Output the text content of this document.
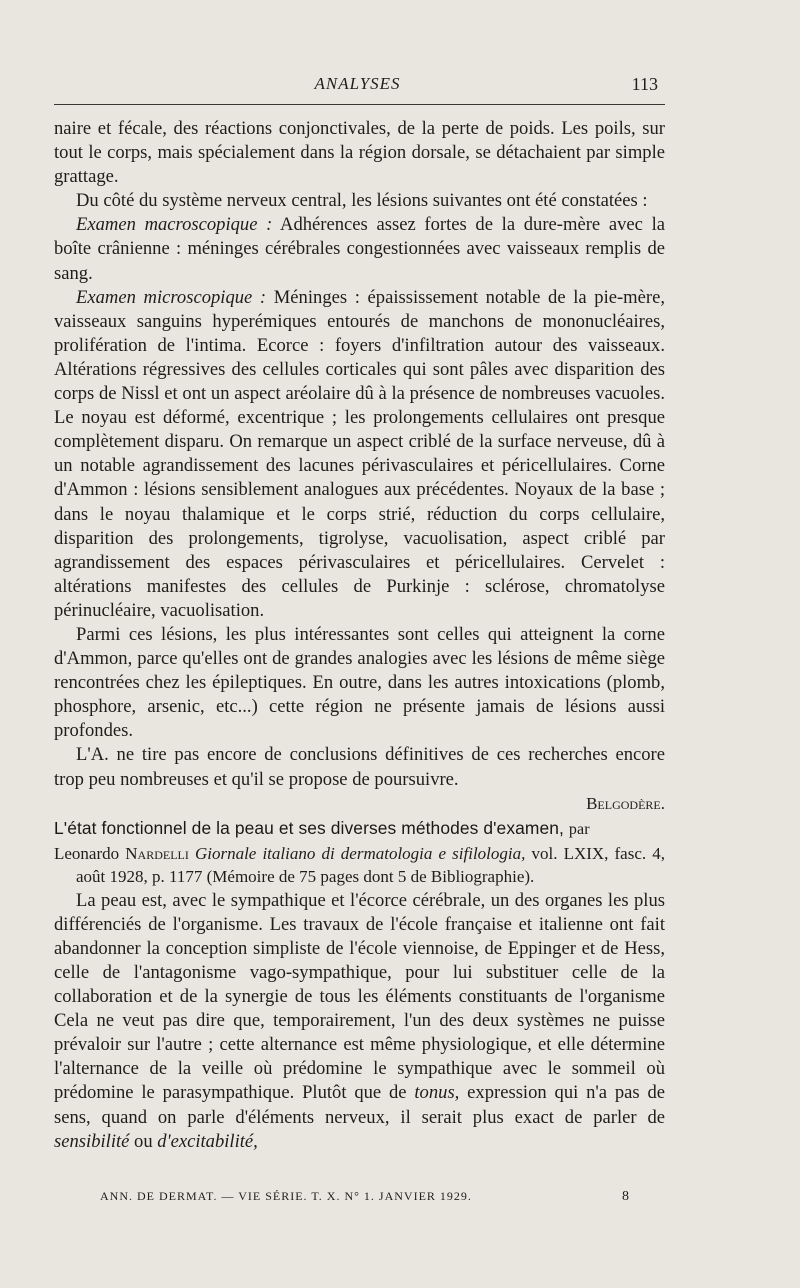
ANALYSES	113

naire et fécale, des réactions conjonctivales, de la perte de poids. Les poils, sur tout le corps, mais spécialement dans la région dorsale, se détachaient par simple grattage.

Du côté du système nerveux central, les lésions suivantes ont été constatées :

Examen macroscopique : Adhérences assez fortes de la dure-mère avec la boîte crânienne : méninges cérébrales congestionnées avec vaisseaux remplis de sang.

Examen microscopique : Méninges : épaississement notable de la pie-mère, vaisseaux sanguins hyperémiques entourés de manchons de mononucléaires, prolifération de l'intima. Ecorce : foyers d'infiltration autour des vaisseaux. Altérations régressives des cellules corticales qui sont pâles avec disparition des corps de Nissl et ont un aspect aréolaire dû à la présence de nombreuses vacuoles. Le noyau est déformé, excentrique ; les prolongements cellulaires ont presque complètement disparu. On remarque un aspect criblé de la surface nerveuse, dû à un notable agrandissement des lacunes périvasculaires et péricellulaires. Corne d'Ammon : lésions sensiblement analogues aux précédentes. Noyaux de la base ; dans le noyau thalamique et le corps strié, réduction du corps cellulaire, disparition des prolongements, tigrolyse, vacuolisation, aspect criblé par agrandissement des espaces périvasculaires et péricellulaires. Cervelet : altérations manifestes des cellules de Purkinje : sclérose, chromatolyse périnucléaire, vacuolisation.

Parmi ces lésions, les plus intéressantes sont celles qui atteignent la corne d'Ammon, parce qu'elles ont de grandes analogies avec les lésions de même siège rencontrées chez les épileptiques. En outre, dans les autres intoxications (plomb, phosphore, arsenic, etc...) cette région ne présente jamais de lésions aussi profondes.

L'A. ne tire pas encore de conclusions définitives de ces recherches encore trop peu nombreuses et qu'il se propose de poursuivre.

Belgodère.

L'état fonctionnel de la peau et ses diverses méthodes d'examen, par

Leonardo Nardelli Giornale italiano di dermatologia e sifilologia, vol. LXIX, fasc. 4, août 1928, p. 1177 (Mémoire de 75 pages dont 5 de Bibliographie).

La peau est, avec le sympathique et l'écorce cérébrale, un des organes les plus différenciés de l'organisme. Les travaux de l'école française et italienne ont fait abandonner la conception simpliste de l'école viennoise, de Eppinger et de Hess, celle de l'antagonisme vago-sympathique, pour lui substituer celle de la collaboration et de la synergie de tous les éléments constituants de l'organisme Cela ne veut pas dire que, temporairement, l'un des deux systèmes ne puisse prévaloir sur l'autre ; cette alternance est même physiologique, et elle détermine l'alternance de la veille où prédomine le sympathique avec le sommeil où prédomine le parasympathique. Plutôt que de tonus, expression qui n'a pas de sens, quand on parle d'éléments nerveux, il serait plus exact de parler de sensibilité ou d'excitabilité,

ANN. DE DERMAT. — VIE SÉRIE. T. X. N° 1. JANVIER 1929.	8
